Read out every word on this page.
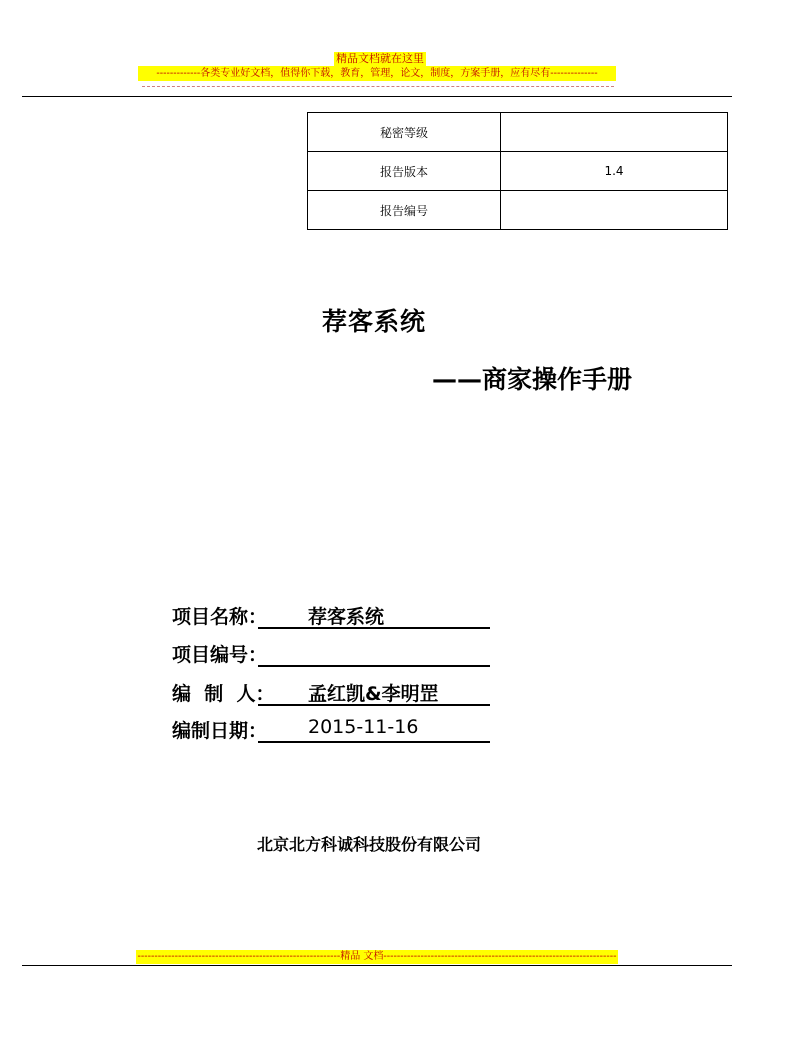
精品文档就在这里
-------------各类专业好文档，值得你下载，教育，管理，论文，制度，方案手册，应有尽有--------------
秘密等级	
报告版本	1.4
报告编号	
荐客系统
——商家操作手册
项目名称： 荐客系统
项目编号：
编  制  人： 孟红凯&李明罡
编制日期： 2015-11-16
北京北方科诚科技股份有限公司
------------------------------------------------------------精品 文档---------------------------------------------------------------------
